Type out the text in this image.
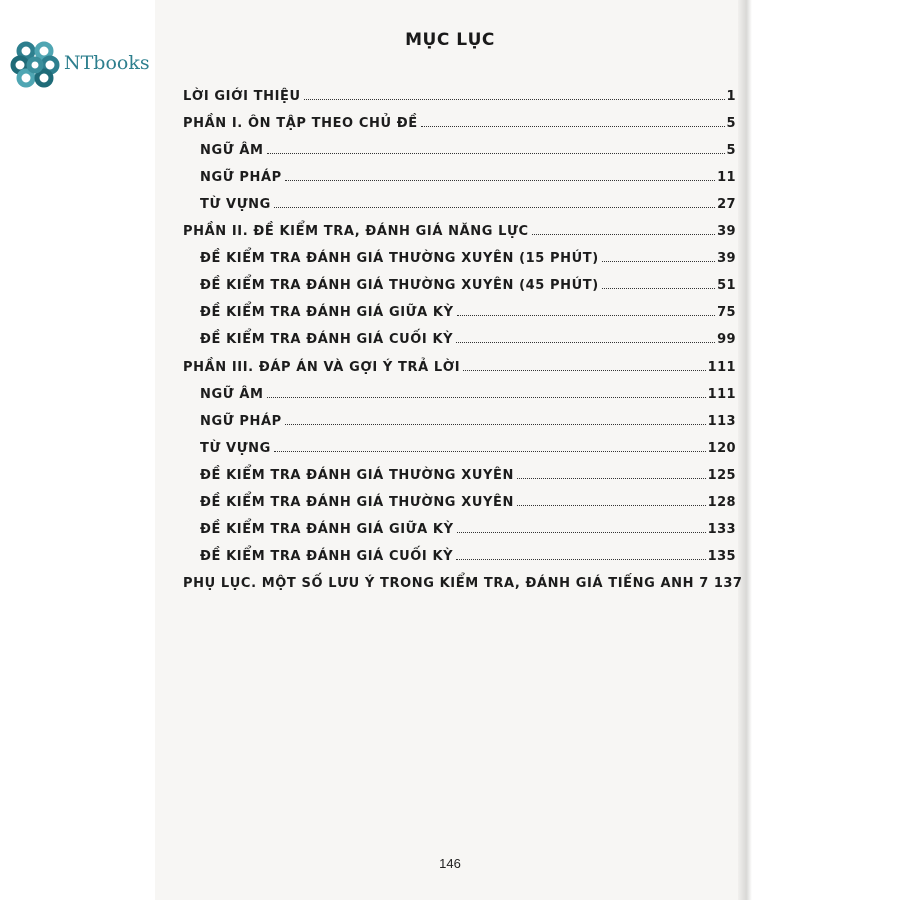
NTbooks
MỤC LỤC
LỜI GIỚI THIỆU	1
PHẦN I. ÔN TẬP THEO CHỦ ĐỀ	5
NGỮ ÂM	5
NGỮ PHÁP	11
TỪ VỰNG	27
PHẦN II. ĐỀ KIỂM TRA, ĐÁNH GIÁ NĂNG LỰC	39
ĐỀ KIỂM TRA ĐÁNH GIÁ THƯỜNG XUYÊN (15 PHÚT)	39
ĐỀ KIỂM TRA ĐÁNH GIÁ THƯỜNG XUYÊN (45 PHÚT)	51
ĐỀ KIỂM TRA ĐÁNH GIÁ GIỮA KỲ	75
ĐỀ KIỂM TRA ĐÁNH GIÁ CUỐI KỲ	99
PHẦN III. ĐÁP ÁN VÀ GỢI Ý TRẢ LỜI	111
NGỮ ÂM	111
NGỮ PHÁP	113
TỪ VỰNG	120
ĐỀ KIỂM TRA ĐÁNH GIÁ THƯỜNG XUYÊN	125
ĐỀ KIỂM TRA ĐÁNH GIÁ THƯỜNG XUYÊN	128
ĐỀ KIỂM TRA ĐÁNH GIÁ GIỮA KỲ	133
ĐỀ KIỂM TRA ĐÁNH GIÁ CUỐI KỲ	135
PHỤ LỤC. MỘT SỐ LƯU Ý TRONG KIỂM TRA, ĐÁNH GIÁ TIẾNG ANH 7 137
146
